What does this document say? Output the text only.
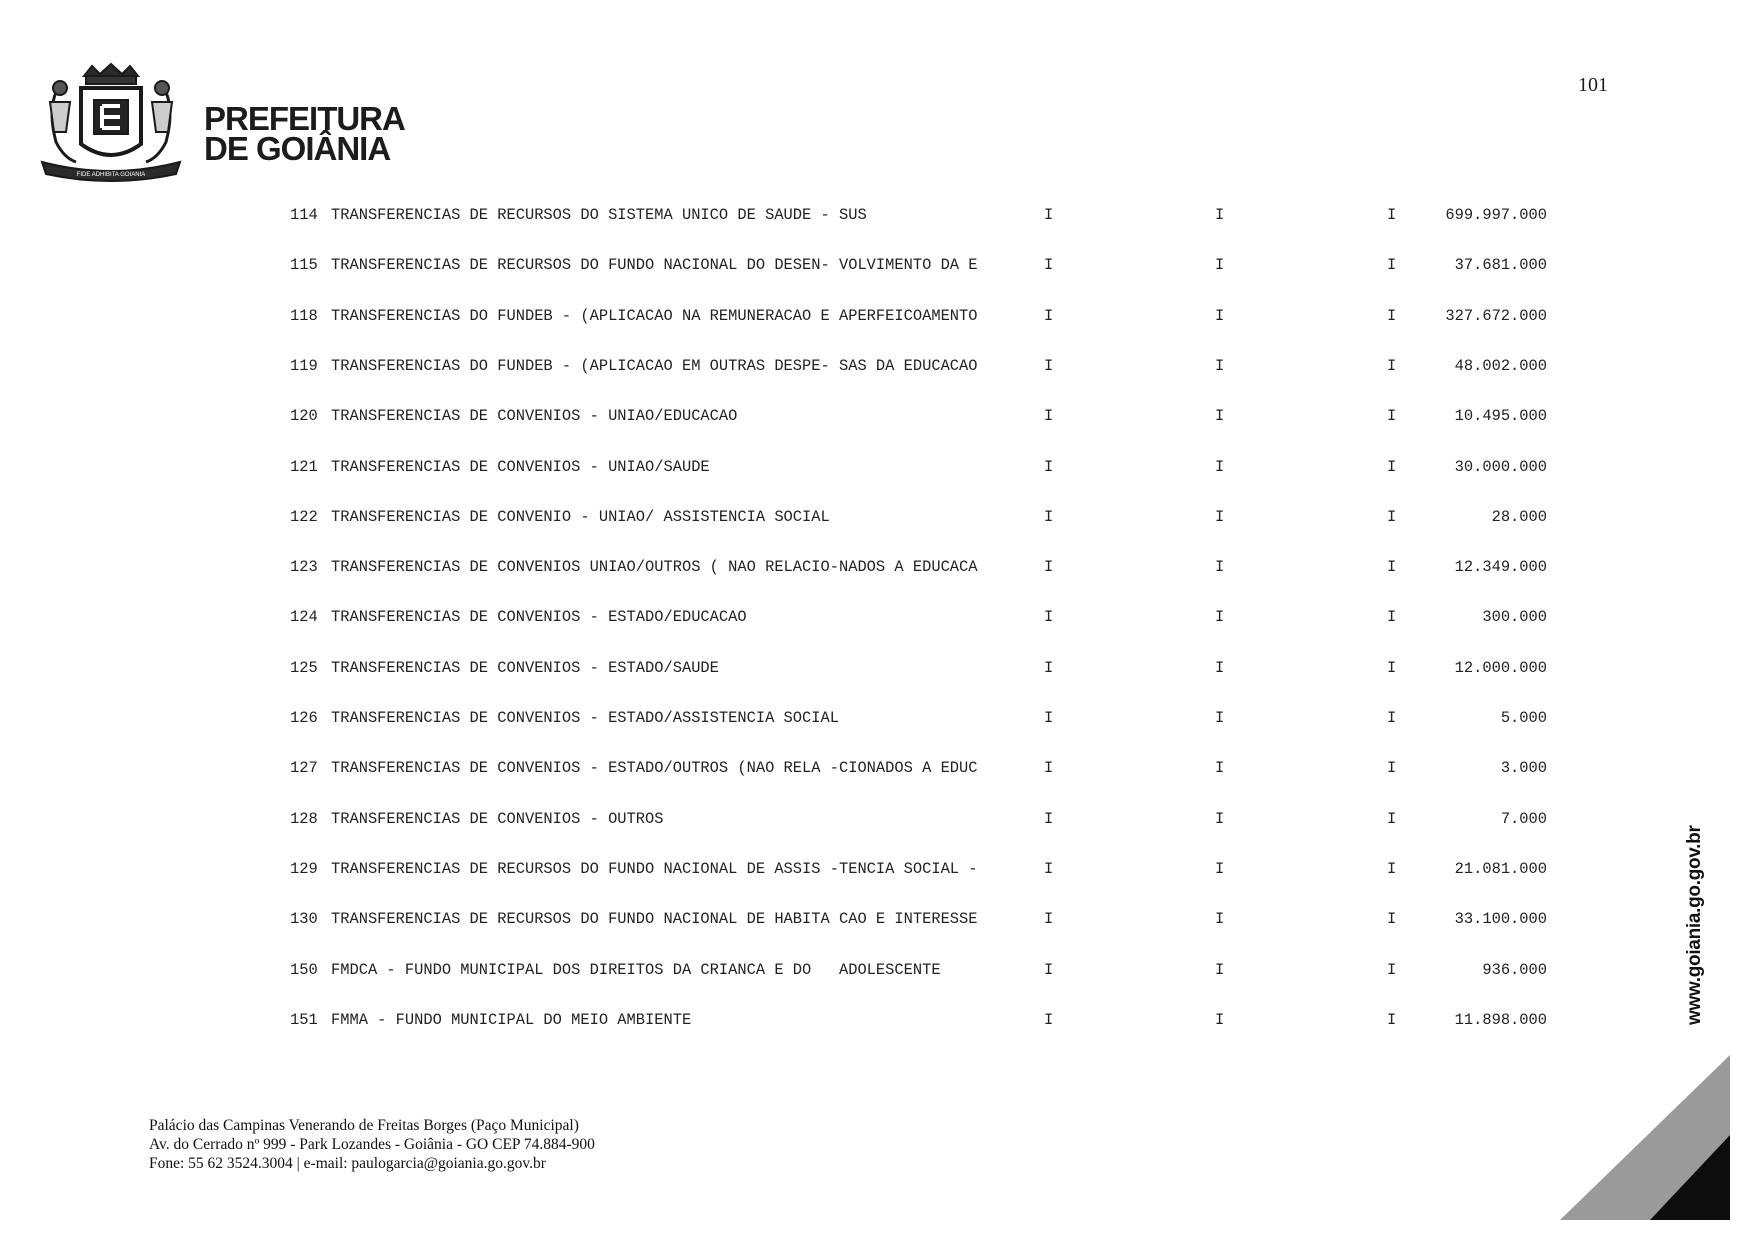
101
FIDE ADHIBITA GOIANIA
PREFEITURA
DE GOIÂNIA
114 TRANSFERENCIAS DE RECURSOS DO SISTEMA UNICO DE SAUDE - SUS	I	I	I	699.997.000
115 TRANSFERENCIAS DE RECURSOS DO FUNDO NACIONAL DO DESEN- VOLVIMENTO DA E	I	I	I	37.681.000
118 TRANSFERENCIAS DO FUNDEB - (APLICACAO NA REMUNERACAO E APERFEICOAMENTO	I	I	I	327.672.000
119 TRANSFERENCIAS DO FUNDEB - (APLICACAO EM OUTRAS DESPE- SAS DA EDUCACAO	I	I	I	48.002.000
120 TRANSFERENCIAS DE CONVENIOS - UNIAO/EDUCACAO	I	I	I	10.495.000
121 TRANSFERENCIAS DE CONVENIOS - UNIAO/SAUDE	I	I	I	30.000.000
122 TRANSFERENCIAS DE CONVENIO - UNIAO/ ASSISTENCIA SOCIAL	I	I	I	28.000
123 TRANSFERENCIAS DE CONVENIOS UNIAO/OUTROS ( NAO RELACIO-NADOS A EDUCACA	I	I	I	12.349.000
124 TRANSFERENCIAS DE CONVENIOS - ESTADO/EDUCACAO	I	I	I	300.000
125 TRANSFERENCIAS DE CONVENIOS - ESTADO/SAUDE	I	I	I	12.000.000
126 TRANSFERENCIAS DE CONVENIOS - ESTADO/ASSISTENCIA SOCIAL	I	I	I	5.000
127 TRANSFERENCIAS DE CONVENIOS - ESTADO/OUTROS (NAO RELA -CIONADOS A EDUC	I	I	I	3.000
128 TRANSFERENCIAS DE CONVENIOS - OUTROS	I	I	I	7.000
129 TRANSFERENCIAS DE RECURSOS DO FUNDO NACIONAL DE ASSIS -TENCIA SOCIAL -	I	I	I	21.081.000
130 TRANSFERENCIAS DE RECURSOS DO FUNDO NACIONAL DE HABITA CAO E INTERESSE	I	I	I	33.100.000
150 FMDCA - FUNDO MUNICIPAL DOS DIREITOS DA CRIANCA E DO   ADOLESCENTE	I	I	I	936.000
151 FMMA - FUNDO MUNICIPAL DO MEIO AMBIENTE	I	I	I	11.898.000
Palácio das Campinas Venerando de Freitas Borges (Paço Municipal)
Av. do Cerrado nº 999 - Park Lozandes - Goiânia - GO CEP 74.884-900
Fone: 55 62 3524.3004 | e-mail: paulogarcia@goiania.go.gov.br
www.goiania.go.gov.br
